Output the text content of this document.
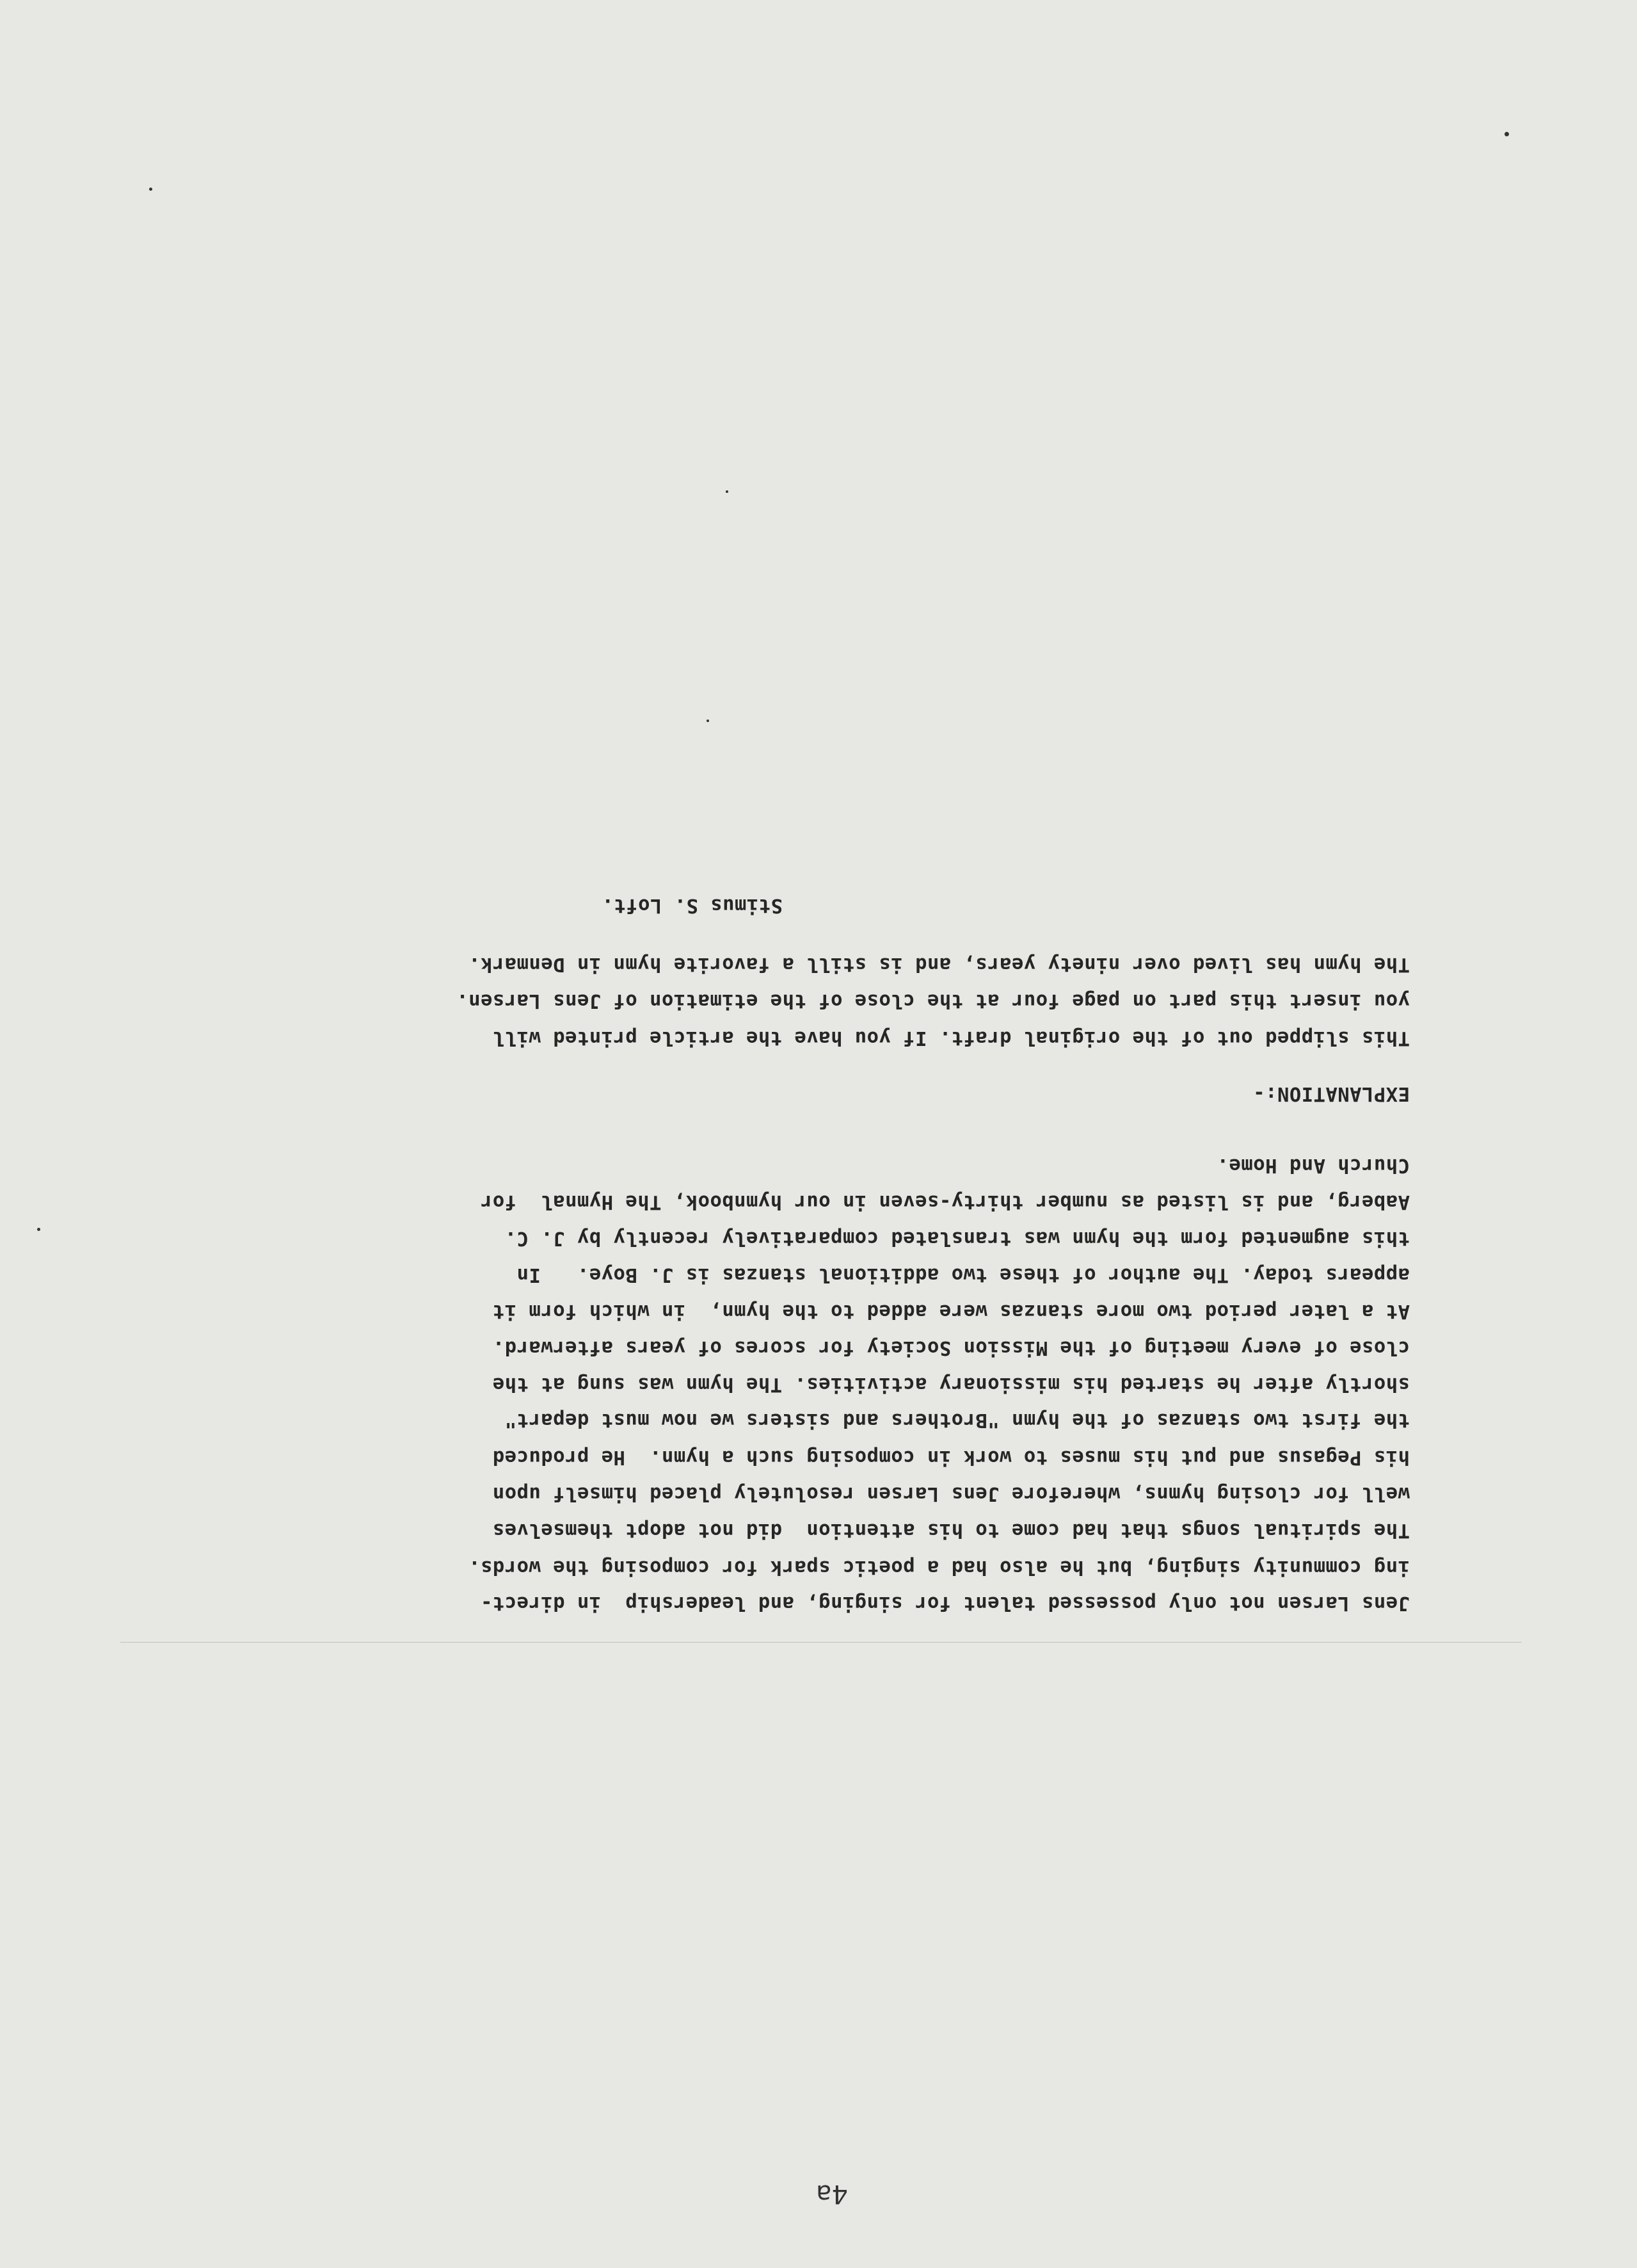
Jens Larsen not only possessed talent for singing, and leadership  in direct-
ing community singing, but he also had a poetic spark for composing the words.
The spiritual songs that had come to his attention  did not adopt themselves
well for closing hymns, wherefore Jens Larsen resolutely placed himself upon
his Pegasus and put his muses to work in composing such a hymn.  He produced
the first two stanzas of the hymn "Brothers and sisters we now must depart"
shortly after he started his missionary activities. The hymn was sung at the
close of every meeting of the Mission Society for scores of years afterward.
At a later period two more stanzas were added to the hymn,  in which form it
appears today. The author of these two additional stanzas is J. Boye.   In
this augmented form the hymn was translated comparatively recently by J. C.
Aaberg, and is listed as number thirty-seven in our hymnbook, The Hymnal  for
Church And Home.
EXPLANATION:-
This slipped out of the original draft. If you have the article printed will
you insert this part on page four at the close of the etimation of Jens Larsen.
The hymn has lived over ninety years, and is still a favorite hymn in Denmark.
Stimus S. Loft.
4a
